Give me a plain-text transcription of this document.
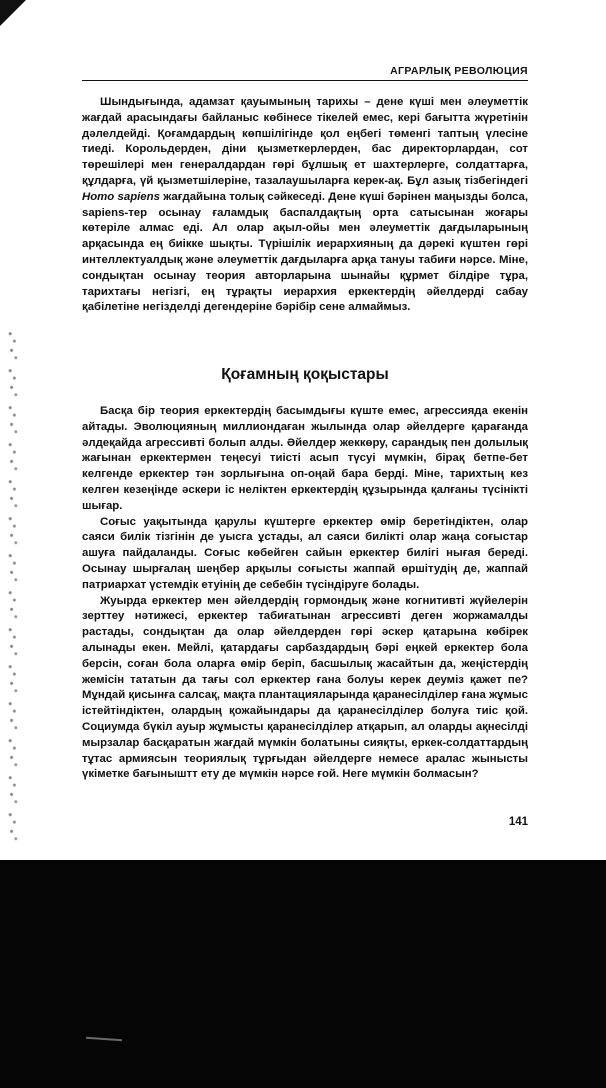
АГРАРЛЫҚ РЕВОЛЮЦИЯ

Шындығында, адамзат қауымының тарихы – дене күші мен әлеуметтік жағдай арасындағы байланыс көбінесе тікелей емес, кері бағытта жүретінін дәлелдейді. Қоғамдардың көпшілігінде қол еңбегі төменгі таптың үлесіне тиеді. Корольдерден, діни қызметкерлерден, бас директорлардан, сот төрешілері мен генералдардан гөрі бұлшық ет шахтерлерге, солдаттарға, құлдарға, үй қызметшілеріне, тазалаушыларға керек-ақ. Бұл азық тізбегіндегі Homo sapiens жағдайына толық сәйкеседі. Дене күші бәрінен маңызды болса, sapiens-тер осынау ғаламдық баспалдақтың орта сатысынан жоғары көтеріле алмас еді. Ал олар ақыл-ойы мен әлеуметтік дағдыларының арқасында ең биікке шықты. Түрішілік иерархияның да дәрекі күштен гөрі интеллектуалдық және әлеуметтік дағдыларға арқа тануы табиғи нәрсе. Міне, сондықтан осынау теория авторларына шынайы құрмет білдіре тұра, тарихтағы негізгі, ең тұрақты иерархия еркектердің әйелдерді сабау қабілетіне негізделді дегендеріне бәрібір сене алмаймыз.

Қоғамның қоқыстары

Басқа бір теория еркектердің басымдығы күште емес, агрессияда екенін айтады. Эволюцияның миллиондаған жылында олар әйелдерге қарағанда әлдеқайда агрессивті болып алды. Әйелдер жеккөру, сарандық пен долылық жағынан еркектермен теңесуі тиісті асып түсуі мүмкін, бірақ бетпе-бет келгенде еркектер тән зорлығына оп-оңай бара берді. Міне, тарихтың кез келген кезеңінде әскери іс неліктен еркектердің құзырында қалғаны түсінікті шығар.

Соғыс уақытында қарулы күштерге еркектер өмір беретіндіктен, олар саяси билік тізгінін де уысга ұстады, ал саяси билікті олар жаңа соғыстар ашуға пайдаланды. Соғыс көбейген сайын еркектер билігі нығая береді. Осынау шырғалаң шеңбер арқылы соғысты жаппай өршітудің де, жаппай патриархат үстемдік етуінің де себебін түсіндіруге болады.

Жуырда еркектер мен әйелдердің гормондық және когнитивті жүйелерін зерттеу нәтижесі, еркектер табиғатынан агрессивті деген жоржамалды растады, сондықтан да олар әйелдерден гөрі әскер қатарына көбірек алынады екен. Мейлі, қатардағы сарбаздардың бәрі еңкей еркектер бола берсін, соған бола оларға өмір беріп, басшылық жасайтын да, жеңістердің жемісін тататын да тағы сол еркектер ғана болуы керек деуміз қажет пе? Мұндай қисынға салсақ, мақта плантацияларында қаранесілділер ғана жұмыс істейтіндіктен, олардың қожайындары да қаранесілділер болуға тиіс қой. Социумда бүкіл ауыр жұмысты қаранесілділер атқарып, ал оларды ақнесілді мырзалар басқаратын жағдай мүмкін болатыны сияқты, еркек-солдаттардың тұтас армиясын теориялық тұрғыдан әйелдерге немесе аралас жынысты үкіметке бағыныштт ету де мүмкін нәрсе ғой. Неге мүмкін болмасын?

141
